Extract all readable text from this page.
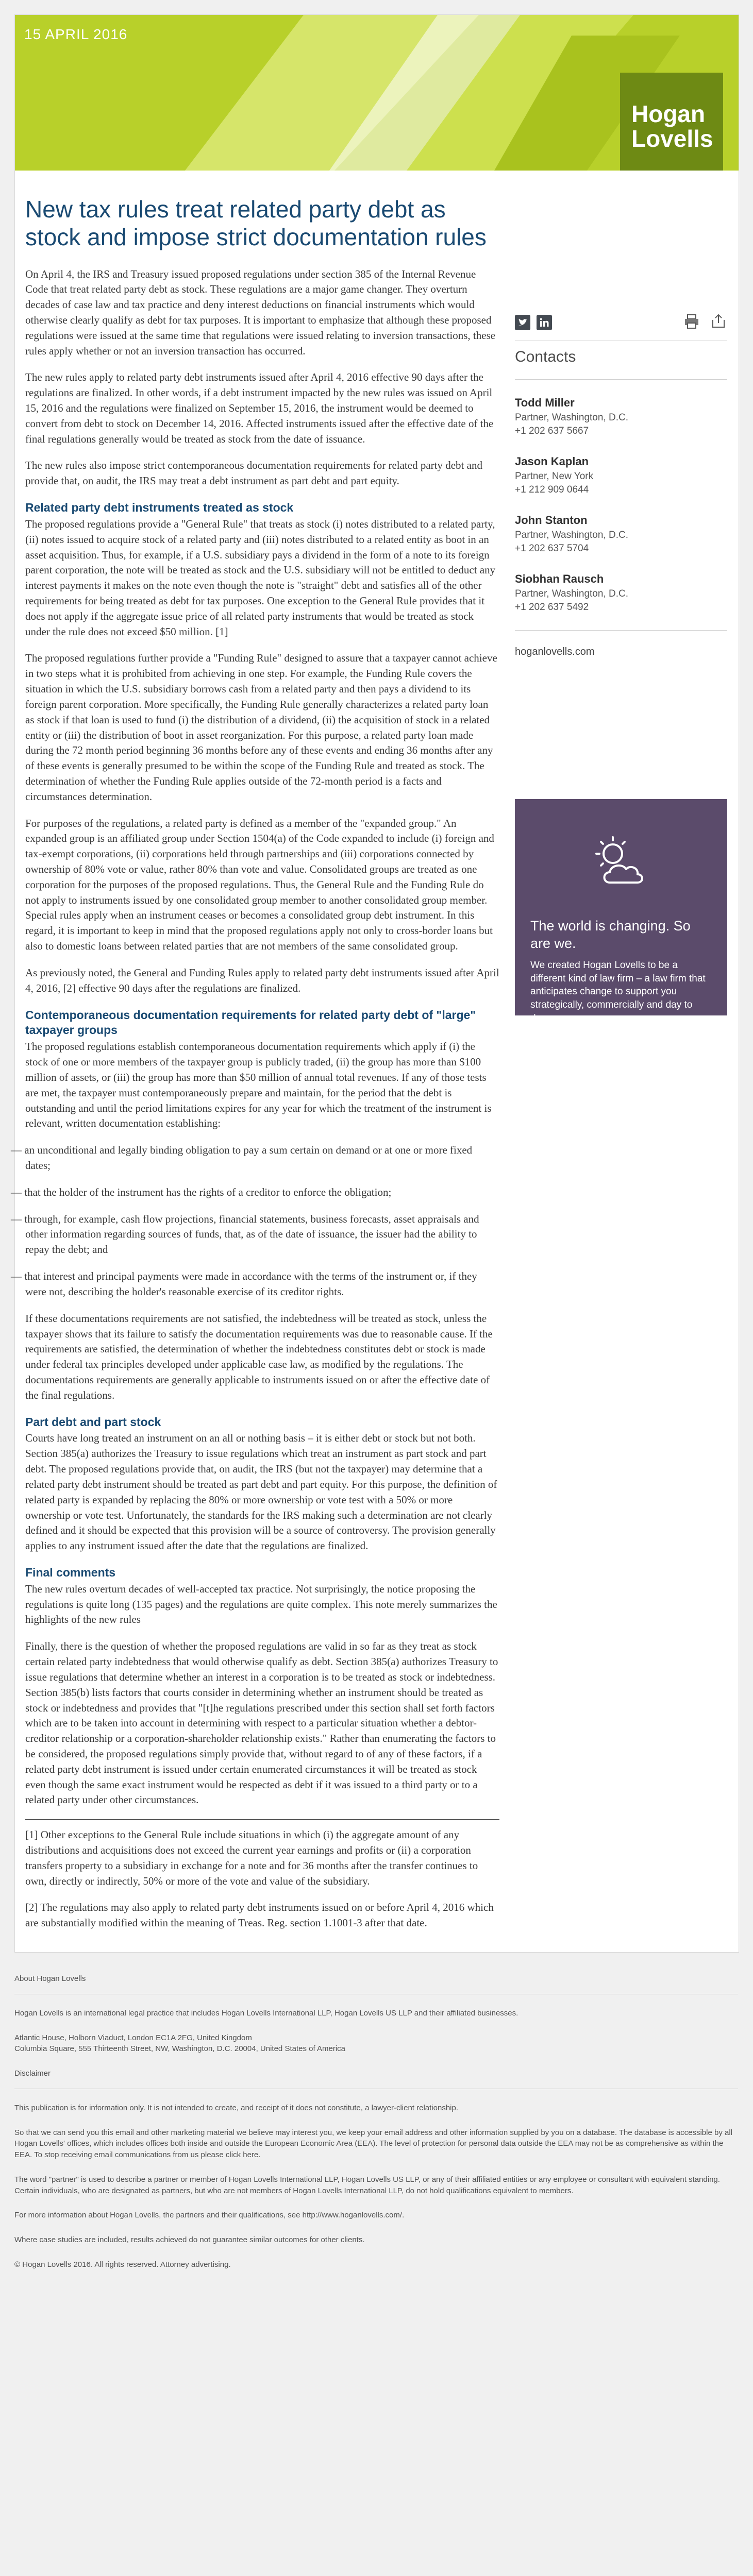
15 APRIL 2016
Hogan
Lovells
New tax rules treat related party debt as stock and impose strict documentation rules

On April 4, the IRS and Treasury issued proposed regulations under section 385 of the Internal Revenue Code that treat related party debt as stock. These regulations are a major game changer. They overturn decades of case law and tax practice and deny interest deductions on financial instruments which would otherwise clearly qualify as debt for tax purposes. It is important to emphasize that although these proposed regulations were issued at the same time that regulations were issued relating to inversion transactions, these rules apply whether or not an inversion transaction has occurred.

The new rules apply to related party debt instruments issued after April 4, 2016 effective 90 days after the regulations are finalized. In other words, if a debt instrument impacted by the new rules was issued on April 15, 2016 and the regulations were finalized on September 15, 2016, the instrument would be deemed to convert from debt to stock on December 14, 2016. Affected instruments issued after the effective date of the final regulations generally would be treated as stock from the date of issuance.

The new rules also impose strict contemporaneous documentation requirements for related party debt and provide that, on audit, the IRS may treat a debt instrument as part debt and part equity.

Related party debt instruments treated as stock

The proposed regulations provide a "General Rule" that treats as stock (i) notes distributed to a related party, (ii) notes issued to acquire stock of a related party and (iii) notes distributed to a related entity as boot in an asset acquisition. Thus, for example, if a U.S. subsidiary pays a dividend in the form of a note to its foreign parent corporation, the note will be treated as stock and the U.S. subsidiary will not be entitled to deduct any interest payments it makes on the note even though the note is "straight" debt and satisfies all of the other requirements for being treated as debt for tax purposes. One exception to the General Rule provides that it does not apply if the aggregate issue price of all related party instruments that would be treated as stock under the rule does not exceed $50 million. [1]

The proposed regulations further provide a "Funding Rule" designed to assure that a taxpayer cannot achieve in two steps what it is prohibited from achieving in one step. For example, the Funding Rule covers the situation in which the U.S. subsidiary borrows cash from a related party and then pays a dividend to its foreign parent corporation. More specifically, the Funding Rule generally characterizes a related party loan as stock if that loan is used to fund (i) the distribution of a dividend, (ii) the acquisition of stock in a related entity or (iii) the distribution of boot in asset reorganization. For this purpose, a related party loan made during the 72 month period beginning 36 months before any of these events and ending 36 months after any of these events is generally presumed to be within the scope of the Funding Rule and treated as stock. The determination of whether the Funding Rule applies outside of the 72-month period is a facts and circumstances determination.

For purposes of the regulations, a related party is defined as a member of the "expanded group." An expanded group is an affiliated group under Section 1504(a) of the Code expanded to include (i) foreign and tax-exempt corporations, (ii) corporations held through partnerships and (iii) corporations connected by ownership of 80% vote or value, rather 80% than vote and value. Consolidated groups are treated as one corporation for the purposes of the proposed regulations. Thus, the General Rule and the Funding Rule do not apply to instruments issued by one consolidated group member to another consolidated group member. Special rules apply when an instrument ceases or becomes a consolidated group debt instrument. In this regard, it is important to keep in mind that the proposed regulations apply not only to cross-border loans but also to domestic loans between related parties that are not members of the same consolidated group.

As previously noted, the General and Funding Rules apply to related party debt instruments issued after April 4, 2016, [2] effective 90 days after the regulations are finalized.

Contemporaneous documentation requirements for related party debt of "large" taxpayer groups

The proposed regulations establish contemporaneous documentation requirements which apply if (i) the stock of one or more members of the taxpayer group is publicly traded, (ii) the group has more than $100 million of assets, or (iii) the group has more than $50 million of annual total revenues. If any of those tests are met, the taxpayer must contemporaneously prepare and maintain, for the period that the debt is outstanding and until the period limitations expires for any year for which the treatment of the instrument is relevant, written documentation establishing:

— an unconditional and legally binding obligation to pay a sum certain on demand or at one or more fixed dates;

— that the holder of the instrument has the rights of a creditor to enforce the obligation;

— through, for example, cash flow projections, financial statements, business forecasts, asset appraisals and other information regarding sources of funds, that, as of the date of issuance, the issuer had the ability to repay the debt; and

— that interest and principal payments were made in accordance with the terms of the instrument or, if they were not, describing the holder's reasonable exercise of its creditor rights.

If these documentations requirements are not satisfied, the indebtedness will be treated as stock, unless the taxpayer shows that its failure to satisfy the documentation requirements was due to reasonable cause. If the requirements are satisfied, the determination of whether the indebtedness constitutes debt or stock is made under federal tax principles developed under applicable case law, as modified by the regulations. The documentations requirements are generally applicable to instruments issued on or after the effective date of the final regulations.

Part debt and part stock

Courts have long treated an instrument on an all or nothing basis – it is either debt or stock but not both. Section 385(a) authorizes the Treasury to issue regulations which treat an instrument as part stock and part debt. The proposed regulations provide that, on audit, the IRS (but not the taxpayer) may determine that a related party debt instrument should be treated as part debt and part equity. For this purpose, the definition of related party is expanded by replacing the 80% or more ownership or vote test with a 50% or more ownership or vote test. Unfortunately, the standards for the IRS making such a determination are not clearly defined and it should be expected that this provision will be a source of controversy. The provision generally applies to any instrument issued after the date that the regulations are finalized.

Final comments

The new rules overturn decades of well-accepted tax practice. Not surprisingly, the notice proposing the regulations is quite long (135 pages) and the regulations are quite complex. This note merely summarizes the highlights of the new rules

Finally, there is the question of whether the proposed regulations are valid in so far as they treat as stock certain related party indebtedness that would otherwise qualify as debt. Section 385(a) authorizes Treasury to issue regulations that determine whether an interest in a corporation is to be treated as stock or indebtedness. Section 385(b) lists factors that courts consider in determining whether an instrument should be treated as stock or indebtedness and provides that "[t]he regulations prescribed under this section shall set forth factors which are to be taken into account in determining with respect to a particular situation whether a debtor-creditor relationship or a corporation-shareholder relationship exists." Rather than enumerating the factors to be considered, the proposed regulations simply provide that, without regard to of any of these factors, if a related party debt instrument is issued under certain enumerated circumstances it will be treated as stock even though the same exact instrument would be respected as debt if it was issued to a third party or to a related party under other circumstances.

[1] Other exceptions to the General Rule include situations in which (i) the aggregate amount of any distributions and acquisitions does not exceed the current year earnings and profits or (ii) a corporation transfers property to a subsidiary in exchange for a note and for 36 months after the transfer continues to own, directly or indirectly, 50% or more of the vote and value of the subsidiary.

[2] The regulations may also apply to related party debt instruments issued on or before April 4, 2016 which are substantially modified within the meaning of Treas. Reg. section 1.1001-3 after that date.

Contacts
Todd Miller
Partner, Washington, D.C.
+1 202 637 5667
Jason Kaplan
Partner, New York
+1 212 909 0644
John Stanton
Partner, Washington, D.C.
+1 202 637 5704
Siobhan Rausch
Partner, Washington, D.C.
+1 202 637 5492
hoganlovells.com
The world is changing. So are we.
We created Hogan Lovells to be a different kind of law firm – a law firm that anticipates change to support you strategically, commercially and day to day.

About Hogan Lovells

Hogan Lovells is an international legal practice that includes Hogan Lovells International LLP, Hogan Lovells US LLP and their affiliated businesses.

Atlantic House, Holborn Viaduct, London EC1A 2FG, United Kingdom
Columbia Square, 555 Thirteenth Street, NW, Washington, D.C. 20004, United States of America

Disclaimer

This publication is for information only. It is not intended to create, and receipt of it does not constitute, a lawyer-client relationship.

So that we can send you this email and other marketing material we believe may interest you, we keep your email address and other information supplied by you on a database. The database is accessible by all Hogan Lovells' offices, which includes offices both inside and outside the European Economic Area (EEA). The level of protection for personal data outside the EEA may not be as comprehensive as within the EEA. To stop receiving email communications from us please click here.

The word "partner" is used to describe a partner or member of Hogan Lovells International LLP, Hogan Lovells US LLP, or any of their affiliated entities or any employee or consultant with equivalent standing. Certain individuals, who are designated as partners, but who are not members of Hogan Lovells International LLP, do not hold qualifications equivalent to members.

For more information about Hogan Lovells, the partners and their qualifications, see http://www.hoganlovells.com/.

Where case studies are included, results achieved do not guarantee similar outcomes for other clients.

© Hogan Lovells 2016. All rights reserved. Attorney advertising.
